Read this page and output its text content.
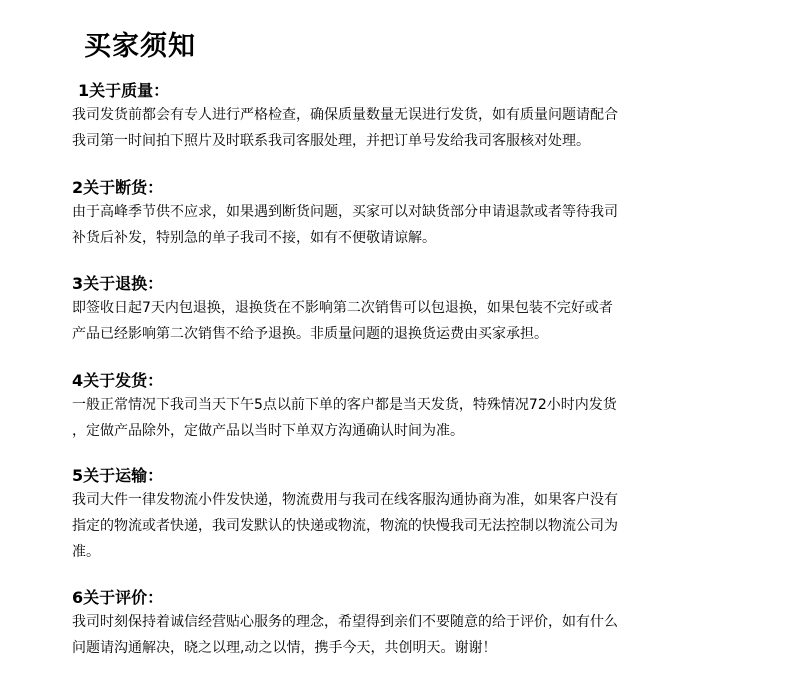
买家须知
1关于质量：
我司发货前都会有专人进行严格检查，确保质量数量无误进行发货，如有质量问题请配合
我司第一时间拍下照片及时联系我司客服处理，并把订单号发给我司客服核对处理。
2关于断货：
由于高峰季节供不应求，如果遇到断货问题，买家可以对缺货部分申请退款或者等待我司
补货后补发，特别急的单子我司不接，如有不便敬请谅解。
3关于退换：
即签收日起7天内包退换，退换货在不影响第二次销售可以包退换，如果包装不完好或者
产品已经影响第二次销售不给予退换。非质量问题的退换货运费由买家承担。
4关于发货：
一般正常情况下我司当天下午5点以前下单的客户都是当天发货，特殊情况72小时内发货
，定做产品除外，定做产品以当时下单双方沟通确认时间为准。
5关于运输：
我司大件一律发物流小件发快递，物流费用与我司在线客服沟通协商为准，如果客户没有
指定的物流或者快递，我司发默认的快递或物流，物流的快慢我司无法控制以物流公司为
准。
6关于评价：
我司时刻保持着诚信经营贴心服务的理念，希望得到亲们不要随意的给于评价，如有什么
问题请沟通解决，晓之以理,动之以情，携手今天，共创明天。谢谢！
